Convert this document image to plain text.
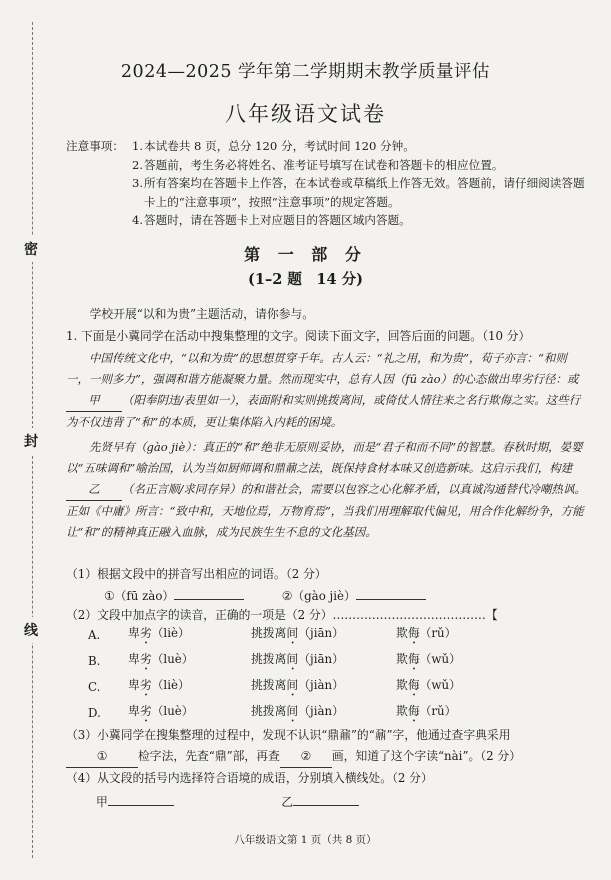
密
封
线
2024—2025 学年第二学期期末教学质量评估
八年级语文试卷
注意事项： 1. 本试卷共 8 页，总分 120 分，考试时间 120 分钟。
2. 答题前，考生务必将姓名、准考证号填写在试卷和答题卡的相应位置。
3. 所有答案均在答题卡上作答，在本试卷或草稿纸上作答无效。答题前，请仔细阅读答题卡上的“注意事项”，按照“注意事项”的规定答题。
4. 答题时，请在答题卡上对应题目的答题区域内答题。
第 一 部 分
(1–2 题　14 分)
学校开展“以和为贵”主题活动，请你参与。
1. 下面是小冀同学在活动中搜集整理的文字。阅读下面文字，回答后面的问题。（10 分）

中国传统文化中，“以和为贵”的思想贯穿千年。古人云：“礼之用，和为贵”，荀子亦言：“和则一，一则多力”，强调和谐方能凝聚力量。然而现实中，总有人因（fū zào）的心态做出卑劣行径：或甲 （阳奉阴违/表里如一），表面附和实则挑拨离间，或倚仗人情往来之名行欺侮之实。这些行为不仅违背了“和”的本质，更让集体陷入内耗的困境。

先贤早有（gào jiè）：真正的“和”绝非无原则妥协，而是“君子和而不同”的智慧。春秋时期，晏婴以“五味调和”喻治国，认为当如厨师调和鼎鼐之法，既保持食材本味又创造新味。这启示我们，构建乙 （名正言顺/求同存异）的和谐社会，需要以包容之心化解矛盾，以真诚沟通替代冷嘲热讽。正如《中庸》所言：“致中和，天地位焉，万物育焉”，当我们用理解取代偏见，用合作化解纷争，方能让“和”的精神真正融入血脉，成为民族生生不息的文化基因。

（1）根据文段中的拼音写出相应的词语。（2 分）
①（fū zào）	②（gào jiè）
（2）文段中加点字的读音，正确的一项是（2 分）…………………………………【
A.	卑劣（liè）	挑拨离间（jiān）	欺侮（rǔ）
B.	卑劣（luè）	挑拨离间（jiān）	欺侮（wǔ）
C.	卑劣（liè）	挑拨离间（jiàn）	欺侮（wǔ）
D.	卑劣（luè）	挑拨离间（jiàn）	欺侮（rǔ）
（3）小冀同学在搜集整理的过程中，发现不认识“鼎鼐”的“鼐”字，他通过查字典采用
①	检字法，先查“鼎”部，再查 ② 画，知道了这个字读“nài”。（2 分）
（4）从文段的括号内选择符合语境的成语，分别填入横线处。（2 分）
甲	乙
八年级语文第 1 页（共 8 页）
